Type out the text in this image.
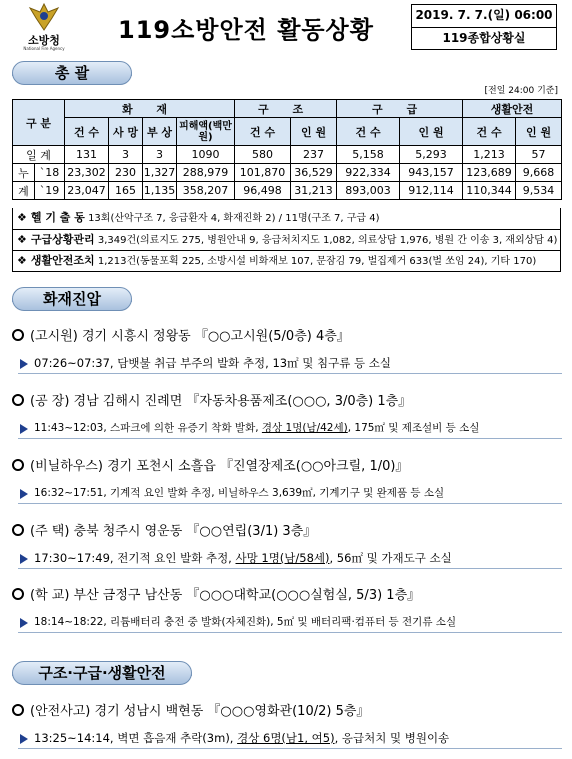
소방청
National Fire Agency
119소방안전 활동상황
2019. 7. 7.(일) 06:00
119종합상황실
총 괄
[전일 24:00 기준]
구 분		화 재				구 조		구 급		생활안전	
		건 수	사 망	부 상	피해액(백만원)	건 수	인 원	건 수	인 원	건 수	인 원
일 계		131	3	3	1090	580	237	5,158	5,293	1,213	57
누	`18	23,302	230	1,327	288,979	101,870	36,529	922,334	943,157	123,689	9,668
계	`19	23,047	165	1,135	358,207	96,498	31,213	893,003	912,114	110,344	9,534
❖ 헬 기 출 동 13회(산악구조 7, 응급환자 4, 화재진화 2) / 11명(구조 7, 구급 4)
❖ 구급상황관리 3,349건(의료지도 275, 병원안내 9, 응급처치지도 1,082, 의료상담 1,976, 병원 간 이송 3, 재외상담 4)
❖ 생활안전조치 1,213건(동물포획 225, 소방시설 비화재보 107, 문잠김 79, 벌집제거 633(벌 쏘임 24), 기타 170)
화재진압
(고시원) 경기 시흥시 정왕동 『○○고시원(5/0층) 4층』
07:26~07:37, 담뱃불 취급 부주의 발화 추정, 13㎡ 및 침구류 등 소실
(공 장) 경남 김해시 진례면 『자동차용품제조(○○○, 3/0층) 1층』
11:43~12:03, 스파크에 의한 유증기 착화 발화, 경상 1명(남/42세), 175㎡ 및 제조설비 등 소실
(비닐하우스) 경기 포천시 소흘읍 『진열장제조(○○아크릴, 1/0)』
16:32~17:51, 기계적 요인 발화 추정, 비닐하우스 3,639㎡, 기계기구 및 완제품 등 소실
(주 택) 충북 청주시 영운동 『○○연립(3/1) 3층』
17:30~17:49, 전기적 요인 발화 추정, 사망 1명(남/58세), 56㎡ 및 가재도구 소실
(학 교) 부산 금정구 남산동 『○○○대학교(○○○실험실, 5/3) 1층』
18:14~18:22, 리튬배터리 충전 중 발화(자체진화), 5㎡ 및 배터리팩·컴퓨터 등 전기류 소실
구조·구급·생활안전
(안전사고) 경기 성남시 백현동 『○○○영화관(10/2) 5층』
13:25~14:14, 벽면 흡음재 추락(3m), 경상 6명(남1, 여5), 응급처치 및 병원이송
